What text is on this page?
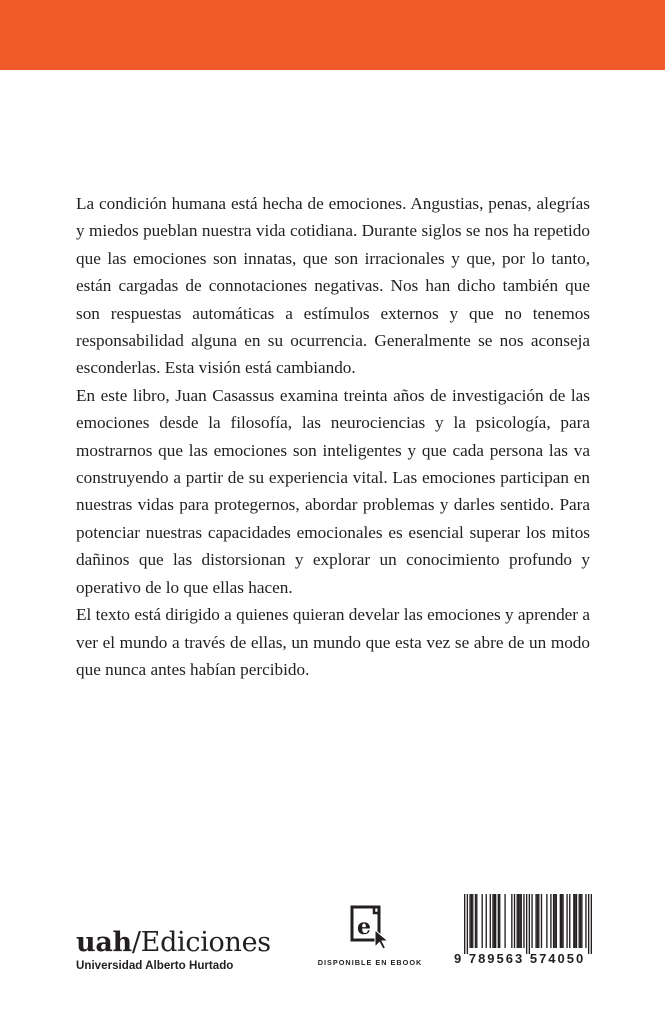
La condición humana está hecha de emociones. Angustias, penas, alegrías y miedos pueblan nuestra vida cotidiana. Durante siglos se nos ha repetido que las emociones son innatas, que son irracionales y que, por lo tanto, están cargadas de connotaciones negativas. Nos han dicho también que son respuestas automáticas a estímulos externos y que no tenemos responsabilidad alguna en su ocurrencia. Generalmente se nos aconseja esconderlas. Esta visión está cambiando.

En este libro, Juan Casassus examina treinta años de investigación de las emociones desde la filosofía, las neurociencias y la psicología, para mostrarnos que las emociones son inteligentes y que cada persona las va construyendo a partir de su experiencia vital. Las emociones participan en nuestras vidas para protegernos, abordar problemas y darles sentido. Para potenciar nuestras capacidades emocionales es esencial superar los mitos dañinos que las distorsionan y explorar un conocimiento profundo y operativo de lo que ellas hacen.

El texto está dirigido a quienes quieran develar las emociones y aprender a ver el mundo a través de ellas, un mundo que esta vez se abre de un modo que nunca antes habían percibido.

uah/Ediciones
Universidad Alberto Hurtado
e
DISPONIBLE EN EBOOK	9 789563 574050
